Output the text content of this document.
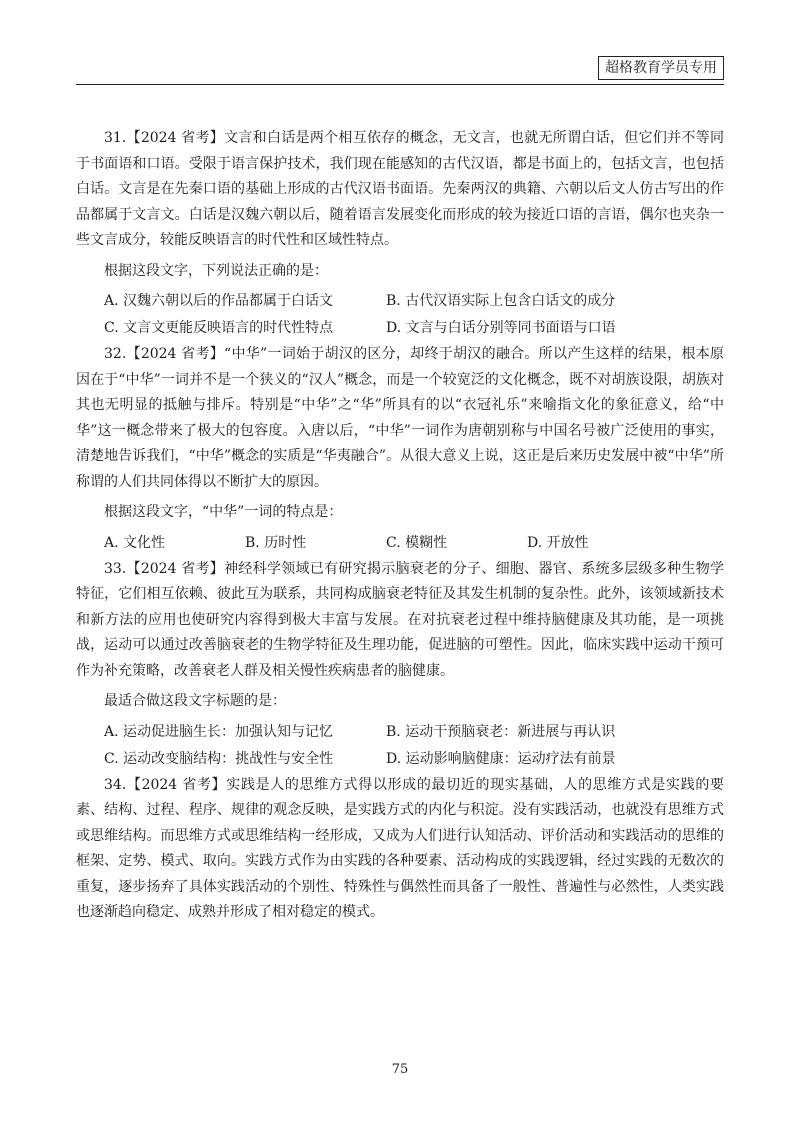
超格教育学员专用

31.【2024 省考】文言和白话是两个相互依存的概念，无文言，也就无所谓白话，但它们并不等同于书面语和口语。受限于语言保护技术，我们现在能感知的古代汉语，都是书面上的，包括文言，也包括白话。文言是在先秦口语的基础上形成的古代汉语书面语。先秦两汉的典籍、六朝以后文人仿古写出的作品都属于文言文。白话是汉魏六朝以后，随着语言发展变化而形成的较为接近口语的言语，偶尔也夹杂一些文言成分，较能反映语言的时代性和区域性特点。

根据这段文字，下列说法正确的是：

A. 汉魏六朝以后的作品都属于白话文	B. 古代汉语实际上包含白话文的成分
C. 文言文更能反映语言的时代性特点	D. 文言与白话分别等同书面语与口语

32.【2024 省考】“中华”一词始于胡汉的区分，却终于胡汉的融合。所以产生这样的结果，根本原因在于“中华”一词并不是一个狭义的“汉人”概念，而是一个较宽泛的文化概念，既不对胡族设限，胡族对其也无明显的抵触与排斥。特别是“中华”之“华”所具有的以“衣冠礼乐”来喻指文化的象征意义，给“中华”这一概念带来了极大的包容度。入唐以后，“中华”一词作为唐朝别称与中国名号被广泛使用的事实，清楚地告诉我们，“中华”概念的实质是“华夷融合”。从很大意义上说，这正是后来历史发展中被“中华”所称谓的人们共同体得以不断扩大的原因。

根据这段文字，“中华”一词的特点是：

A. 文化性	B. 历时性	C. 模糊性	D. 开放性

33.【2024 省考】神经科学领域已有研究揭示脑衰老的分子、细胞、器官、系统多层级多种生物学特征，它们相互依赖、彼此互为联系，共同构成脑衰老特征及其发生机制的复杂性。此外，该领域新技术和新方法的应用也使研究内容得到极大丰富与发展。在对抗衰老过程中维持脑健康及其功能，是一项挑战，运动可以通过改善脑衰老的生物学特征及生理功能，促进脑的可塑性。因此，临床实践中运动干预可作为补充策略，改善衰老人群及相关慢性疾病患者的脑健康。

最适合做这段文字标题的是：

A. 运动促进脑生长：加强认知与记忆	B. 运动干预脑衰老：新进展与再认识
C. 运动改变脑结构：挑战性与安全性	D. 运动影响脑健康：运动疗法有前景

34.【2024 省考】实践是人的思维方式得以形成的最切近的现实基础，人的思维方式是实践的要素、结构、过程、程序、规律的观念反映，是实践方式的内化与积淀。没有实践活动，也就没有思维方式或思维结构。而思维方式或思维结构一经形成，又成为人们进行认知活动、评价活动和实践活动的思维的框架、定势、模式、取向。实践方式作为由实践的各种要素、活动构成的实践逻辑，经过实践的无数次的重复，逐步扬弃了具体实践活动的个别性、特殊性与偶然性而具备了一般性、普遍性与必然性，人类实践也逐渐趋向稳定、成熟并形成了相对稳定的模式。

75
